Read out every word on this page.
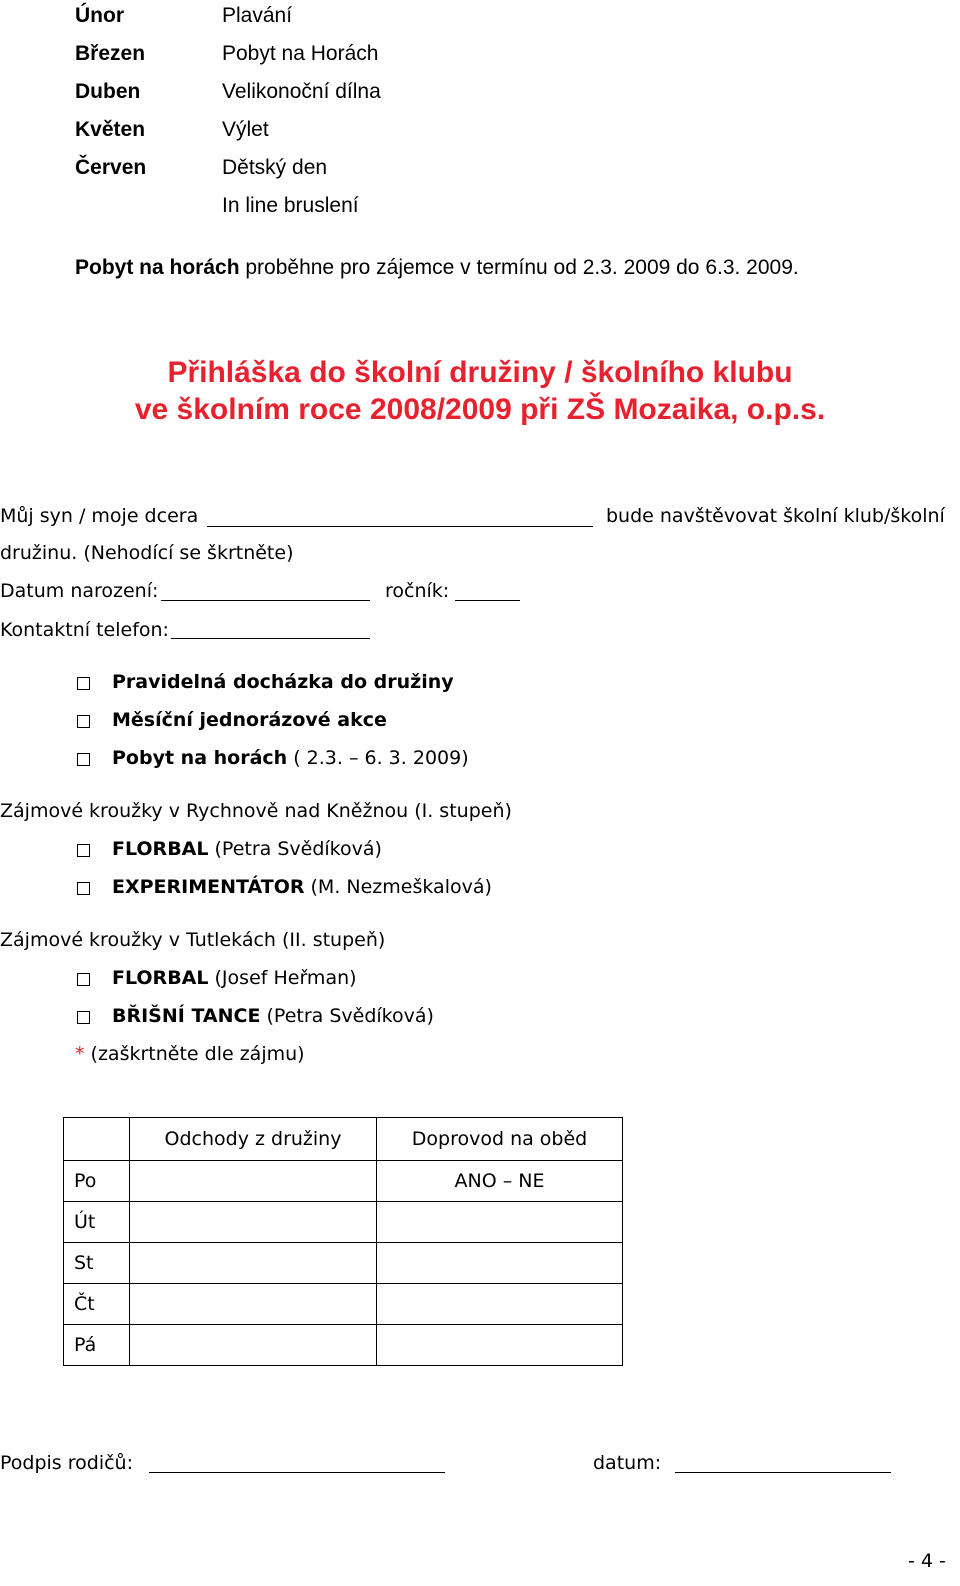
Únor	Plavání
Březen	Pobyt na Horách
Duben	Velikonoční dílna
Květen	Výlet
Červen	Dětský den
In line bruslení
Pobyt na horách proběhne pro zájemce v termínu od 2.3. 2009 do 6.3. 2009.
Přihláška do školní družiny / školního klubu
ve školním roce 2008/2009 při ZŠ Mozaika, o.p.s.
Můj syn / moje dcera	bude navštěvovat školní klub/školní
družinu. (Nehodící se škrtněte)
Datum narození:	ročník:
Kontaktní telefon:
Pravidelná docházka do družiny
Měsíční jednorázové akce
Pobyt na horách ( 2.3. – 6. 3. 2009)
Zájmové kroužky v Rychnově nad Kněžnou (I. stupeň)
FLORBAL (Petra Svědíková)
EXPERIMENTÁTOR (M. Nezmeškalová)
Zájmové kroužky v Tutlekách (II. stupeň)
FLORBAL (Josef Heřman)
BŘIŠNÍ TANCE (Petra Svědíková)
* (zaškrtněte dle zájmu)
	Odchody z družiny	Doprovod na oběd
Po		ANO – NE
Út		
St		
Čt		
Pá		
Podpis rodičů:	datum:
- 4 -
